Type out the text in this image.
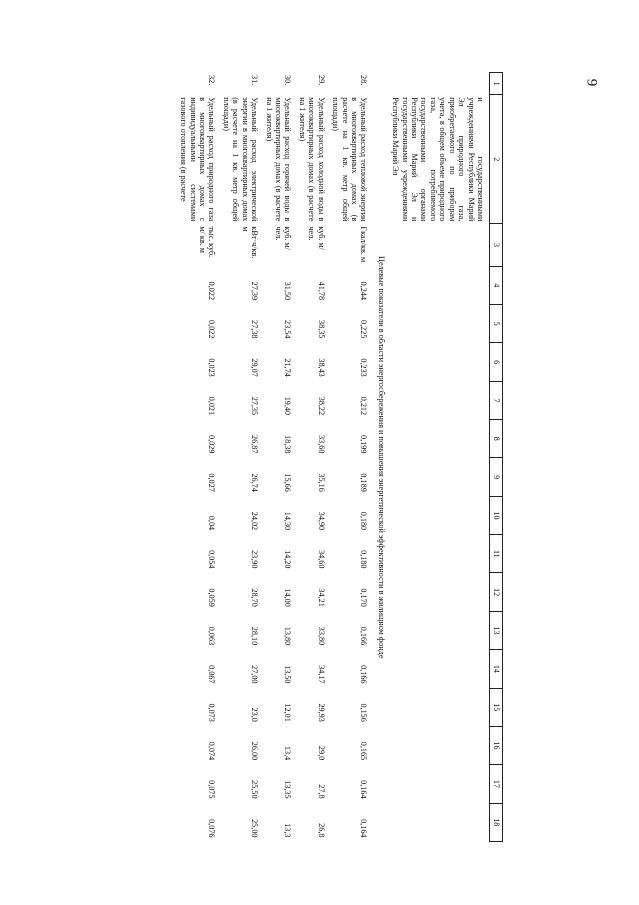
9
1	2	3	4	5	6	7	8	9	10	11	12	13	14	15	16	17	18
	и государственными учреждениями Республики Марий Эл природного газа, приобретаемого по приборам учета, в общем объеме природного газа, потребляемого государственными органами Республики Марий Эл и государственными учреждениями Республики Марий Эл																
Целевые показатели в области энергосбережения и повышения энергетической эффективности в жилищном фонде																	
28.	Удельный расход тепловой энергии в многоквартирных домах (в расчете на 1 кв. метр общей площади)	Гкал/кв. м	0,244	0,225	0,233	0,212	0,199	0,189	0,180	0,180	0,170	0,166	0,166	0,156	0,165	0,164	0,164
29.	Удельный расход холодной воды в многоквартирных домах (в расчете на 1 жителя)	куб. м/чел.	41,78	38,35	38,43	38,22	33,60	35,16	34,90	34,60	34,21	33,80	34,17	29,93	29,0	27,8	26,8
30.	Удельный расход горячей воды в многоквартирных домах (в расчете на 1 жителя)	куб. м/чел.	31,50	23,54	21,74	19,40	18,38	15,66	14,30	14,20	14,00	13,80	13,50	12,01	13,4	13,35	13,3
31.	Удельный расход электрической энергии в многоквартирных домах (в расчете на 1 кв. метр общей площади)	кВт·ч/кв. м	27,39	27,38	29,07	27,35	26,87	26,74	24,02	23,90	28,70	28,10	27,00	23,0	26,00	25,50	25,00
32.	Удельный расход природного газа в многоквартирных домах с индивидуальными системами газового отопления (в расчете	тыс. куб. м/ кв. м	0,022	0,022	0,023	0,021	0,029	0,027	0,04	0,054	0,059	0,063	0,067	0,073	0,074	0,075	0,076
